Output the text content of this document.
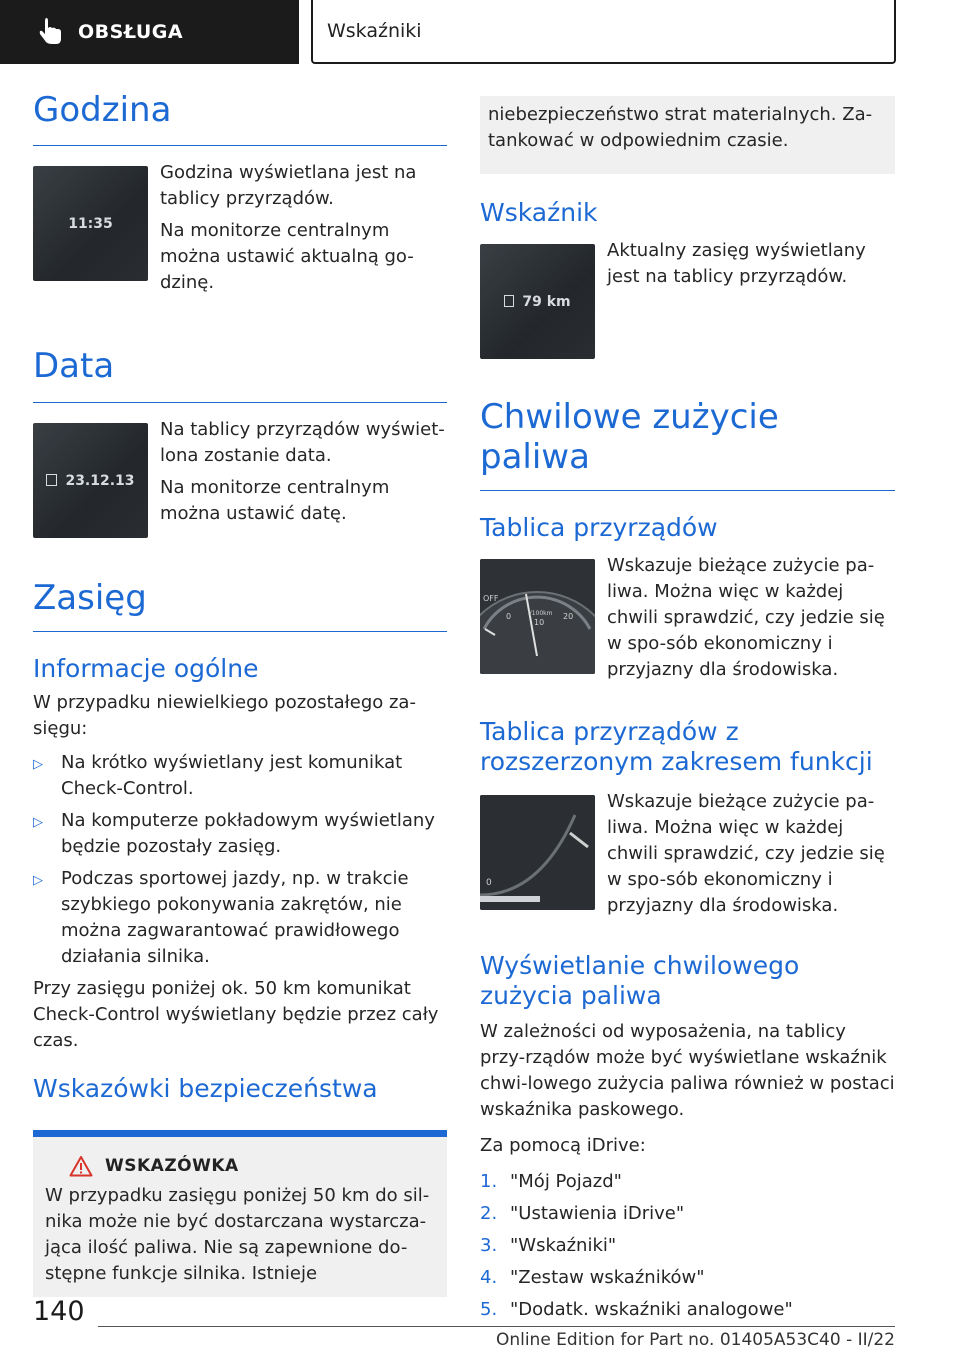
OBSŁUGA	Wskaźniki
Godzina
11:35

Godzina wyświetlana jest na tablicy przyrządów.

Na monitorze centralnym można ustawić aktualną go-dzinę.

Data
23.12.13

Na tablicy przyrządów wyświet-lona zostanie data.

Na monitorze centralnym można ustawić datę.

Zasięg
Informacje ogólne

W przypadku niewielkiego pozostałego za-sięgu:

▷	Na krótko wyświetlany jest komunikat Check-Control.
▷	Na komputerze pokładowym wyświetlany będzie pozostały zasięg.
▷	Podczas sportowej jazdy, np. w trakcie szybkiego pokonywania zakrętów, nie można zagwarantować prawidłowego działania silnika.

Przy zasięgu poniżej ok. 50 km komunikat Check-Control wyświetlany będzie przez cały czas.

Wskazówki bezpieczeństwa
WSKAZÓWKA

W przypadku zasięgu poniżej 50 km do sil-nika może nie być dostarczana wystarcza-jąca ilość paliwa. Nie są zapewnione do-stępne funkcje silnika. Istnieje

niebezpieczeństwo strat materialnych. Za-tankować w odpowiednim czasie.

Wskaźnik
79 km

Aktualny zasięg wyświetlany jest na tablicy przyrządów.

Chwilowe zużycie paliwa
Tablica przyrządów
OFF
0	l/100km
10
20

Wskazuje bieżące zużycie pa-liwa. Można więc w każdej chwili sprawdzić, czy jedzie się w spo-sób ekonomiczny i przyjazny dla środowiska.

Tablica przyrządów z rozszerzonym zakresem funkcji
0

Wskazuje bieżące zużycie pa-liwa. Można więc w każdej chwili sprawdzić, czy jedzie się w spo-sób ekonomiczny i przyjazny dla środowiska.

Wyświetlanie chwilowego zużycia paliwa

W zależności od wyposażenia, na tablicy przy-rządów może być wyświetlane wskaźnik chwi-lowego zużycia paliwa również w postaci wskaźnika paskowego.

Za pomocą iDrive:

1. "Mój Pojazd"
2. "Ustawienia iDrive"
3. "Wskaźniki"
4. "Zestaw wskaźników"
5. "Dodatk. wskaźniki analogowe"
140
Online Edition for Part no. 01405A53C40 - II/22
